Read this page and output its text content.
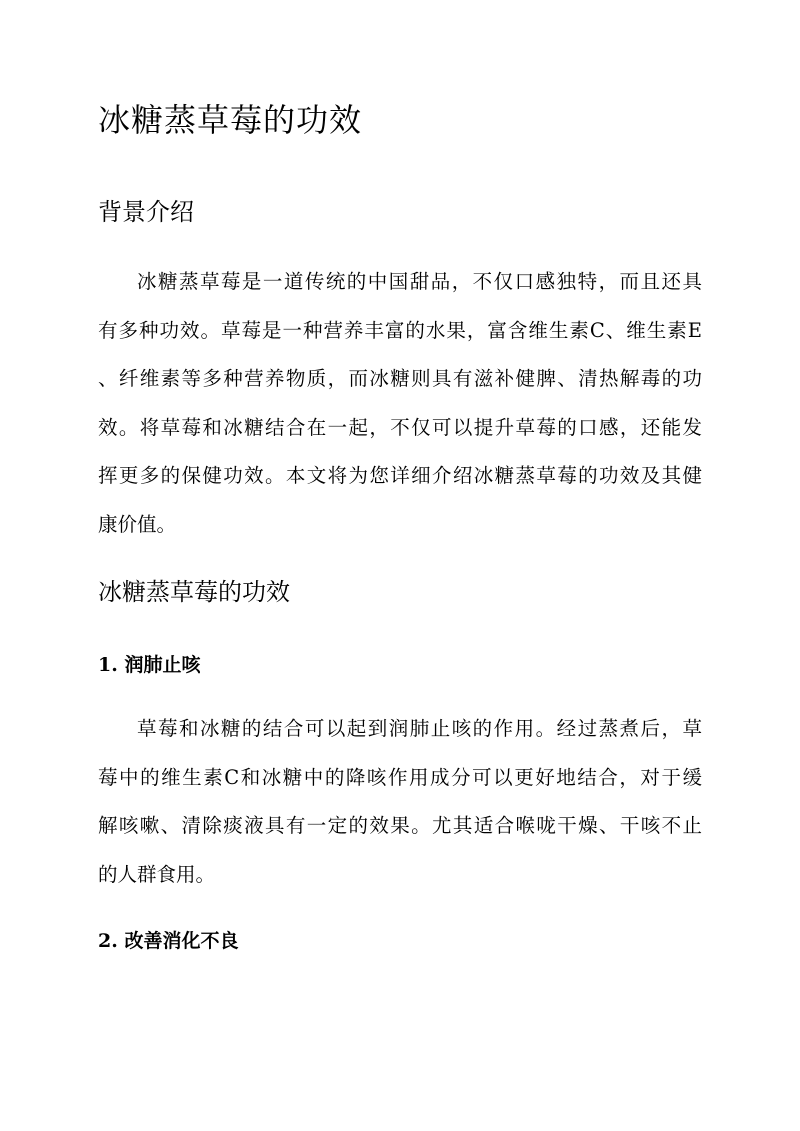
冰糖蒸草莓的功效
背景介绍
冰糖蒸草莓是一道传统的中国甜品，不仅口感独特，而且还具
有多种功效。草莓是一种营养丰富的水果，富含维生素C、维生素E
、纤维素等多种营养物质，而冰糖则具有滋补健脾、清热解毒的功
效。将草莓和冰糖结合在一起，不仅可以提升草莓的口感，还能发
挥更多的保健功效。本文将为您详细介绍冰糖蒸草莓的功效及其健
康价值。
冰糖蒸草莓的功效
1. 润肺止咳
草莓和冰糖的结合可以起到润肺止咳的作用。经过蒸煮后，草
莓中的维生素C和冰糖中的降咳作用成分可以更好地结合，对于缓
解咳嗽、清除痰液具有一定的效果。尤其适合喉咙干燥、干咳不止
的人群食用。
2. 改善消化不良
